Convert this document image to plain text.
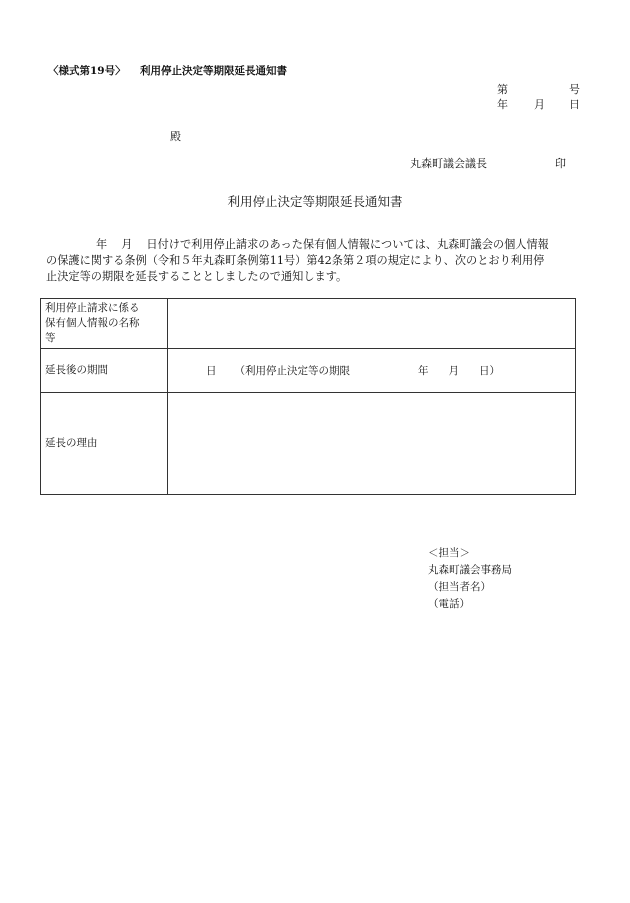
〈様式第19号〉 利用停止決定等期限延長通知書
第	号
年 月 日
殿
丸森町議会議長	印
利用停止決定等期限延長通知書
年 月 日付けで利用停止請求のあった保有個人情報については、丸森町議会の個人情報
の保護に関する条例（令和５年丸森町条例第11号）第42条第２項の規定により、次のとおり利用停
止決定等の期限を延長することとしましたので通知します。
利用停止請求に係る
保有個人情報の名称
等	

延長後の期間	日 （利用停止決定等の期限 年 月 日）
延長の理由	
＜担当＞
丸森町議会事務局
（担当者名）
（電話）
